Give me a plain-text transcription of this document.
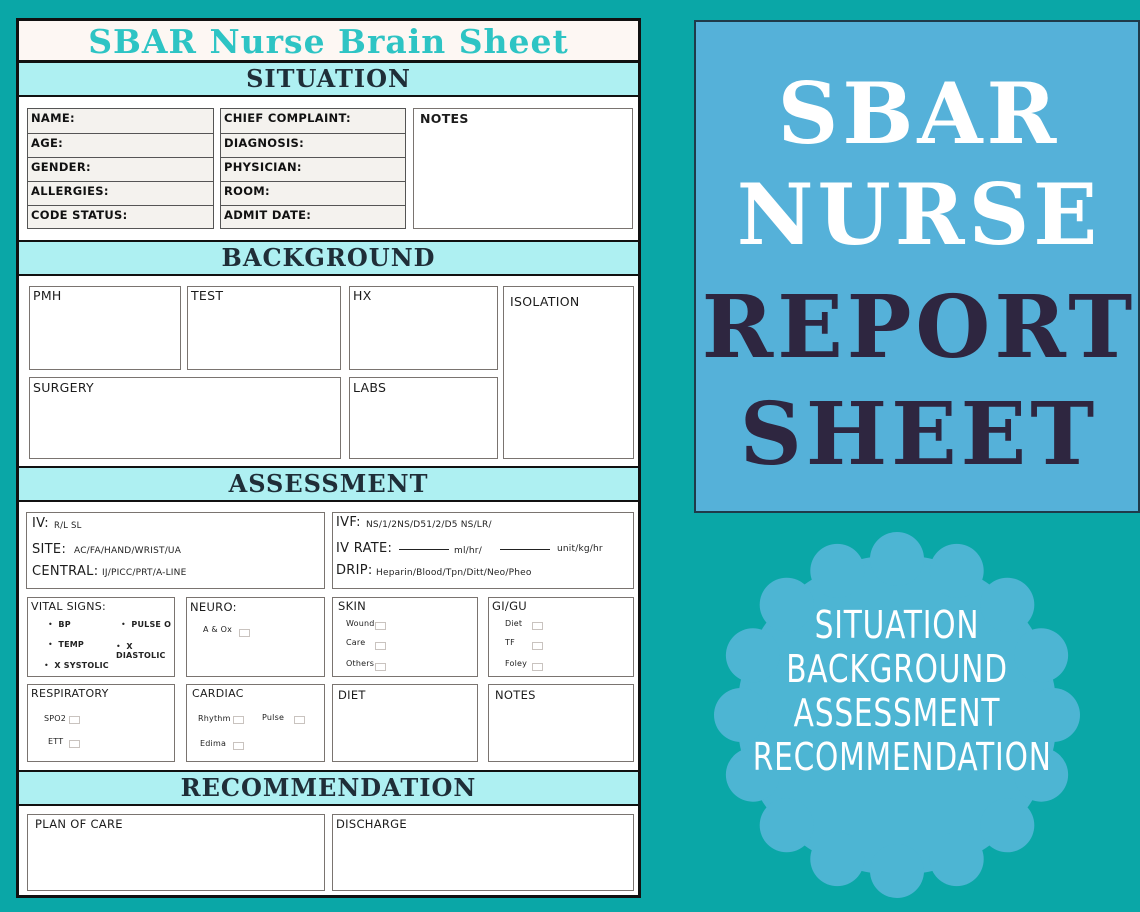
SBAR Nurse Brain Sheet
SITUATION
NAME:
AGE:
GENDER:
ALLERGIES:
CODE STATUS:
CHIEF COMPLAINT:
DIAGNOSIS:
PHYSICIAN:
ROOM:
ADMIT DATE:
NOTES
BACKGROUND
PMH	TEST	HX	ISOLATION
SURGERY	LABS
ASSESSMENT
IV: R/L SL
SITE: AC/FA/HAND/WRIST/UA
CENTRAL: IJ/PICC/PRT/A-LINE
IVF: NS/1/2NS/D51/2/D5 NS/LR/
IV RATE:	ml/hr/	unit/kg/hr
DRIP: Heparin/Blood/Tpn/Ditt/Neo/Pheo
VITAL SIGNS:
•  BP	•  PULSE O
•  TEMP	•  X DIASTOLIC
•  X SYSTOLIC
NEURO:
A & Ox
SKIN
Wound
Care
Others
GI/GU
Diet
TF
Foley
RESPIRATORY
SPO2
ETT
CARDIAC
Rhythm	Pulse
Edima
DIET	NOTES
RECOMMENDATION
PLAN OF CARE	DISCHARGE
SBAR
NURSE
REPORT
SHEET
SITUATION
BACKGROUND
ASSESSMENT
RECOMMENDATION
